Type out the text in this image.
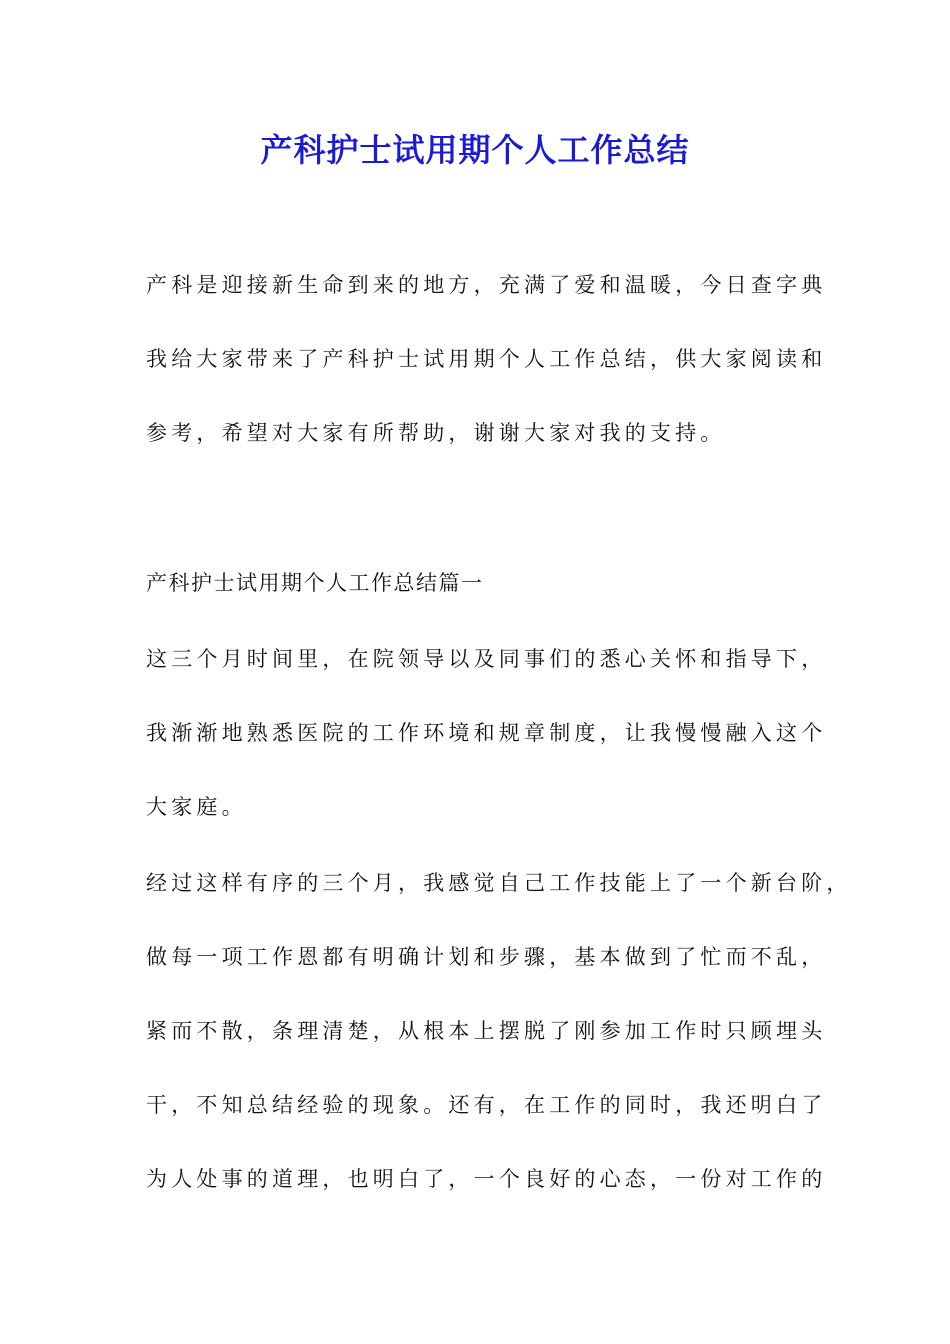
产科护士试用期个人工作总结

产科是迎接新生命到来的地方，充满了爱和温暖，今日查字典

我给大家带来了产科护士试用期个人工作总结，供大家阅读和

参考，希望对大家有所帮助，谢谢大家对我的支持。

产科护士试用期个人工作总结篇一

这三个月时间里，在院领导以及同事们的悉心关怀和指导下，

我渐渐地熟悉医院的工作环境和规章制度，让我慢慢融入这个

大家庭。

经过这样有序的三个月，我感觉自己工作技能上了一个新台阶，

做每一项工作恩都有明确计划和步骤，基本做到了忙而不乱，

紧而不散，条理清楚，从根本上摆脱了刚参加工作时只顾埋头

干，不知总结经验的现象。还有，在工作的同时，我还明白了

为人处事的道理，也明白了，一个良好的心态，一份对工作的
